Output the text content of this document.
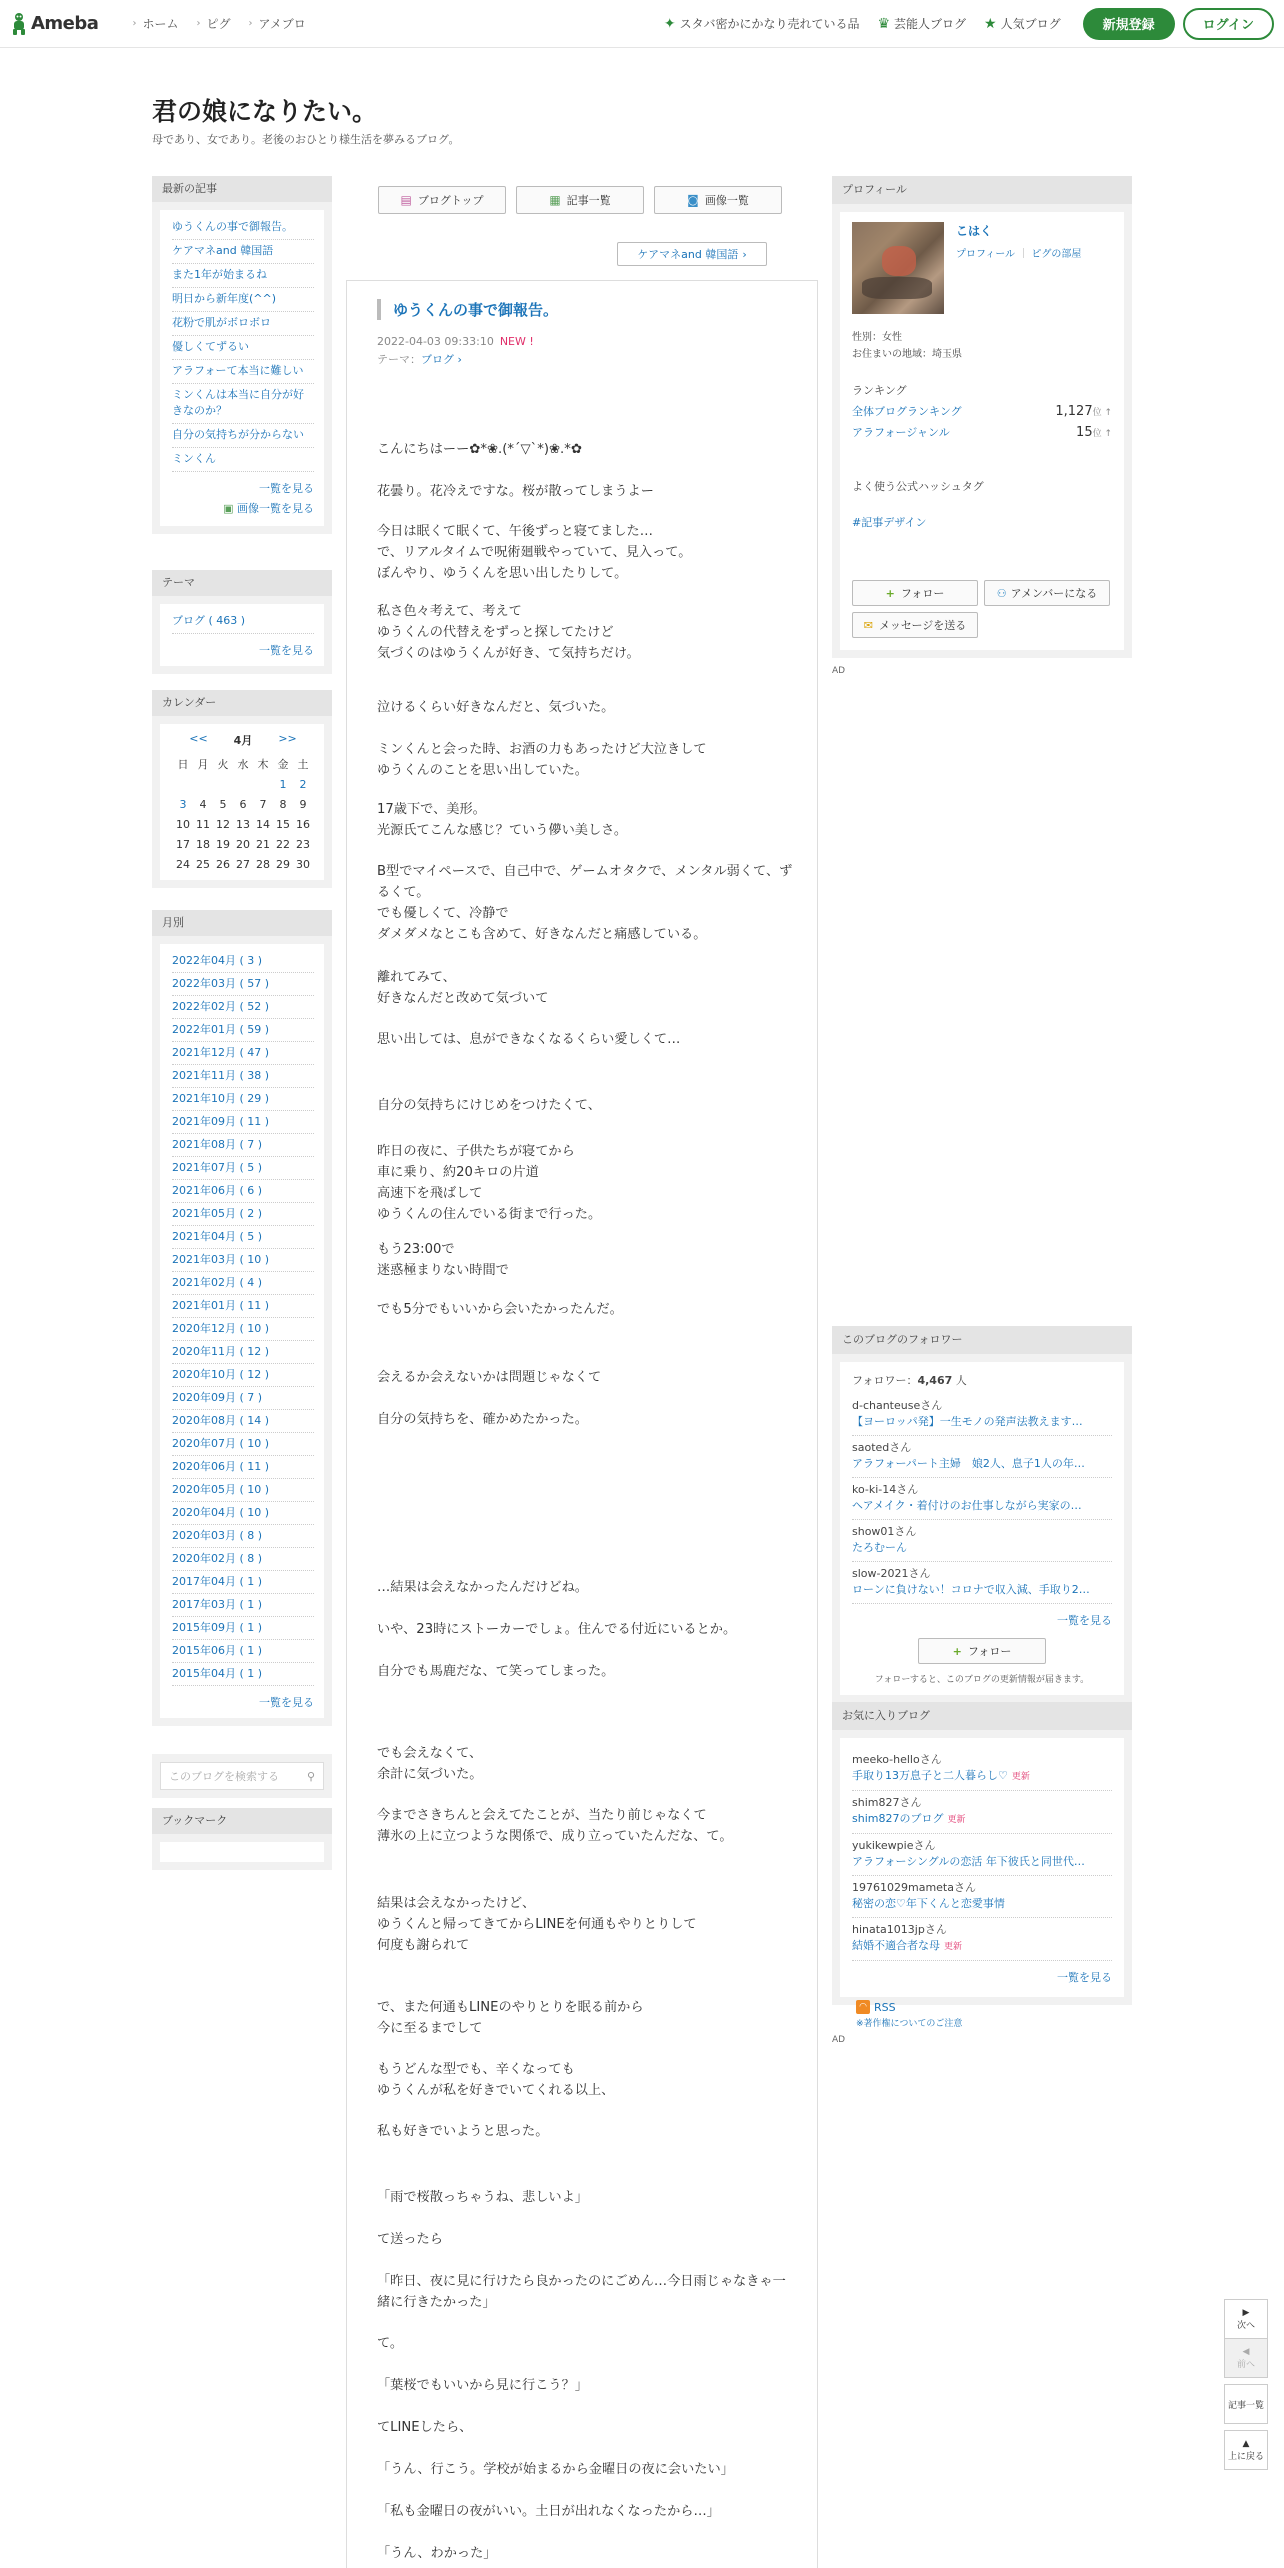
Ameba	› ホーム › ピグ › アメブロ	✦ スタバ密かにかなり売れている品 ♛ 芸能人ブログ ★ 人気ブログ	新規登録	ログイン
君の娘になりたい。
母であり、女であり。老後のおひとり様生活を夢みるブログ。
最新の記事
ゆうくんの事で御報告。
ケアマネand 韓国語
また1年が始まるね
明日から新年度(^^)
花粉で肌がボロボロ
優しくてずるい
アラフォーて本当に難しい
ミンくんは本当に自分が好きなのか？
自分の気持ちが分からない
ミンくん
一覧を見る
▣ 画像一覧を見る
テーマ
ブログ ( 463 )
一覧を見る
カレンダー
<< 4月 >>
日	月	火	水	木	金	土
					1	2
3	4	5	6	7	8	9
10	11	12	13	14	15	16
17	18	19	20	21	22	23
24	25	26	27	28	29	30
月別
2022年04月 ( 3 )
2022年03月 ( 57 )
2022年02月 ( 52 )
2022年01月 ( 59 )
2021年12月 ( 47 )
2021年11月 ( 38 )
2021年10月 ( 29 )
2021年09月 ( 11 )
2021年08月 ( 7 )
2021年07月 ( 5 )
2021年06月 ( 6 )
2021年05月 ( 2 )
2021年04月 ( 5 )
2021年03月 ( 10 )
2021年02月 ( 4 )
2021年01月 ( 11 )
2020年12月 ( 10 )
2020年11月 ( 12 )
2020年10月 ( 12 )
2020年09月 ( 7 )
2020年08月 ( 14 )
2020年07月 ( 10 )
2020年06月 ( 11 )
2020年05月 ( 10 )
2020年04月 ( 10 )
2020年03月 ( 8 )
2020年02月 ( 8 )
2017年04月 ( 1 )
2017年03月 ( 1 )
2015年09月 ( 1 )
2015年06月 ( 1 )
2015年04月 ( 1 )
一覧を見る
このブログを検索する	⚲
ブックマーク
▤ ブログトップ	▦ 記事一覧	◙ 画像一覧
ケアマネand 韓国語 ›
ゆうくんの事で御報告。
2022-04-03 09:33:10 NEW !
テーマ：ブログ ›
こんにちはーー✿*❀.(*´▽`*)❀.*✿
花曇り。花冷えですな。桜が散ってしまうよー
今日は眠くて眠くて、午後ずっと寝てました…
で、リアルタイムで呪術廻戦やっていて、見入って。
ぼんやり、ゆうくんを思い出したりして。
私さ色々考えて、考えて
ゆうくんの代替えをずっと探してたけど
気づくのはゆうくんが好き、て気持ちだけ。
泣けるくらい好きなんだと、気づいた。
ミンくんと会った時、お酒の力もあったけど大泣きして
ゆうくんのことを思い出していた。
17歳下で、美形。
光源氏てこんな感じ？ていう儚い美しさ。
B型でマイペースで、自己中で、ゲームオタクで、メンタル弱くて、ずるくて。
でも優しくて、冷静で
ダメダメなとこも含めて、好きなんだと痛感している。
離れてみて、
好きなんだと改めて気づいて
思い出しては、息ができなくなるくらい愛しくて…
自分の気持ちにけじめをつけたくて、
昨日の夜に、子供たちが寝てから
車に乗り、約20キロの片道
高速下を飛ばして
ゆうくんの住んでいる街まで行った。
もう23:00で
迷惑極まりない時間で
でも5分でもいいから会いたかったんだ。
会えるか会えないかは問題じゃなくて
自分の気持ちを、確かめたかった。
…結果は会えなかったんだけどね。
いや、23時にストーカーでしょ。住んでる付近にいるとか。
自分でも馬鹿だな、て笑ってしまった。
でも会えなくて、
余計に気づいた。
今までさきちんと会えてたことが、当たり前じゃなくて
薄氷の上に立つような関係で、成り立っていたんだな、て。
結果は会えなかったけど、
ゆうくんと帰ってきてからLINEを何通もやりとりして
何度も謝られて
で、また何通もLINEのやりとりを眠る前から
今に至るまでして
もうどんな型でも、辛くなっても
ゆうくんが私を好きでいてくれる以上、
私も好きでいようと思った。
「雨で桜散っちゃうね、悲しいよ」
て送ったら
「昨日、夜に見に行けたら良かったのにごめん…今日雨じゃなきゃ一緒に行きたかった」
て。
「葉桜でもいいから見に行こう？」
てLINEしたら、
「うん、行こう。学校が始まるから金曜日の夜に会いたい」
「私も金曜日の夜がいい。土日が出れなくなったから…」
「うん、わかった」
プロフィール
こはく
プロフィール ｜ ピグの部屋
性別：女性
お住まいの地域：埼玉県
ランキング
全体ブログランキング	1,127位 ↑
アラフォージャンル	15位 ↑
よく使う公式ハッシュタグ
#記事デザイン
+ フォロー	⚇ アメンバーになる
✉ メッセージを送る
AD
このブログのフォロワー
フォロワー：4,467 人
d-chanteuseさん
【ヨーロッパ発】一生モノの発声法教えます…
saotedさん
アラフォーパート主婦　娘2人、息子1人の年…
ko-ki-14さん
ヘアメイク・着付けのお仕事しながら実家の…
show01さん
たろむーん
slow-2021さん
ローンに負けない！コロナで収入減、手取り2…
一覧を見る
+ フォロー
フォローすると、このブログの更新情報が届きます。
お気に入りブログ
meeko-helloさん
手取り13万息子と二人暮らし♡ 更新
shim827さん
shim827のブログ 更新
yukikewpieさん
アラフォーシングルの恋活 年下彼氏と同世代…
19761029mametaさん
秘密の恋♡年下くんと恋愛事情
hinata1013jpさん
結婚不適合者な母 更新
一覧を見る
◠ RSS
※著作権についてのご注意
AD
▶
次へ
◀
前へ
記事一覧
▲
上に戻る
